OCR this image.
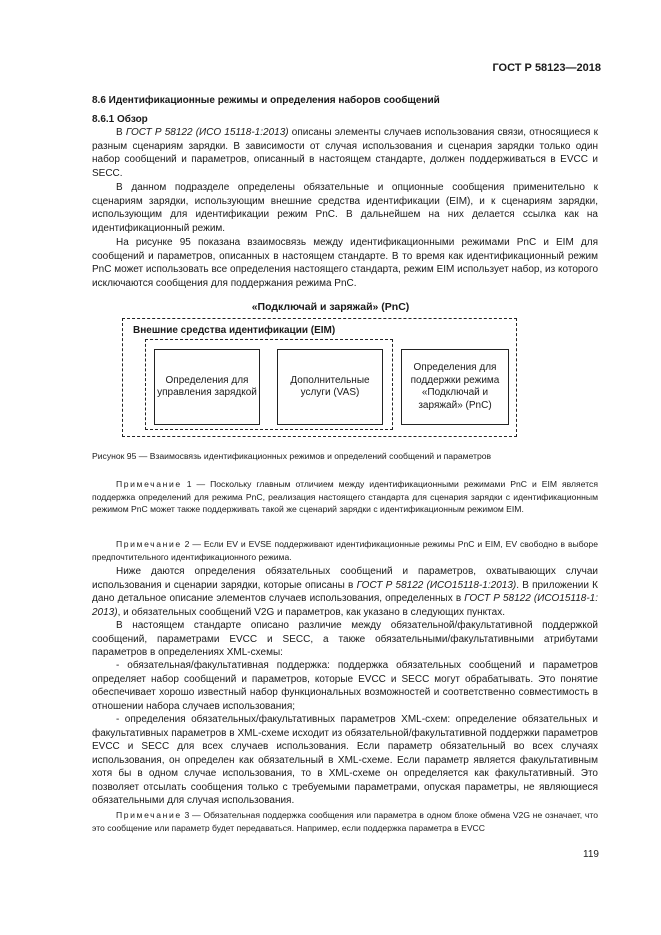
ГОСТ Р 58123—2018
8.6 Идентификационные режимы и определения наборов сообщений
8.6.1 Обзор

В ГОСТ Р 58122 (ИСО 15118-1:2013) описаны элементы случаев использования связи, относящиеся к разным сценариям зарядки. В зависимости от случая использования и сценария зарядки только один набор сообщений и параметров, описанный в настоящем стандарте, должен поддерживаться в EVCC и SECC.

В данном подразделе определены обязательные и опционные сообщения применительно к сценариям зарядки, использующим внешние средства идентификации (EIM), и к сценариям зарядки, использующим для идентификации режим PnC. В дальнейшем на них делается ссылка как на идентификационный режим.

На рисунке 95 показана взаимосвязь между идентификационными режимами PnC и EIM для сообщений и параметров, описанных в настоящем стандарте. В то время как идентификационный режим PnC может использовать все определения настоящего стандарта, режим EIM использует набор, из которого исключаются сообщения для поддержания режима PnC.

«Подключай и заряжай» (PnC)
Внешние средства идентификации (EIM)
Определения для управления зарядкой
Дополнительные услуги (VAS)
Определения для поддержки режима «Подключай и заряжай» (PnC)
Рисунок 95 — Взаимосвязь идентификационных режимов и определений сообщений и параметров

Примечание 1 — Поскольку главным отличием между идентификационными режимами PnC и EIM является поддержка определений для режима PnC, реализация настоящего стандарта для сценария зарядки с идентификационным режимом PnC может также поддерживать такой же сценарий зарядки с идентификационным режимом EIM.

Примечание 2 — Если EV и EVSE поддерживают идентификационные режимы PnC и EIM, EV свободно в выборе предпочтительного идентификационного режима.

Ниже даются определения обязательных сообщений и параметров, охватывающих случаи использования и сценарии зарядки, которые описаны в ГОСТ Р 58122 (ИСО15118-1:2013). В приложении К дано детальное описание элементов случаев использования, определенных в ГОСТ Р 58122 (ИСО15118-1: 2013), и обязательных сообщений V2G и параметров, как указано в следующих пунктах.

В настоящем стандарте описано различие между обязательной/факультативной поддержкой сообщений, параметрами EVCC и SECC, а также обязательными/факультативными атрибутами параметров в определениях XML-схемы:

- обязательная/факультативная поддержка: поддержка обязательных сообщений и параметров определяет набор сообщений и параметров, которые EVCC и SECC могут обрабатывать. Это понятие обеспечивает хорошо известный набор функциональных возможностей и соответственно совместимость в отношении набора случаев использования;

- определения обязательных/факультативных параметров XML-схем: определение обязательных и факультативных параметров в XML-схеме исходит из обязательной/факультативной поддержки параметров EVCC и SECC для всех случаев использования. Если параметр обязательный во всех случаях использования, он определен как обязательный в XML-схеме. Если параметр является факультативным хотя бы в одном случае использования, то в XML-схеме он определяется как факультативный. Это позволяет отсылать сообщения только с требуемыми параметрами, опуская параметры, не являющиеся обязательными для случая использования.

Примечание 3 — Обязательная поддержка сообщения или параметра в одном блоке обмена V2G не означает, что это сообщение или параметр будет передаваться. Например, если поддержка параметра в EVCC

119
